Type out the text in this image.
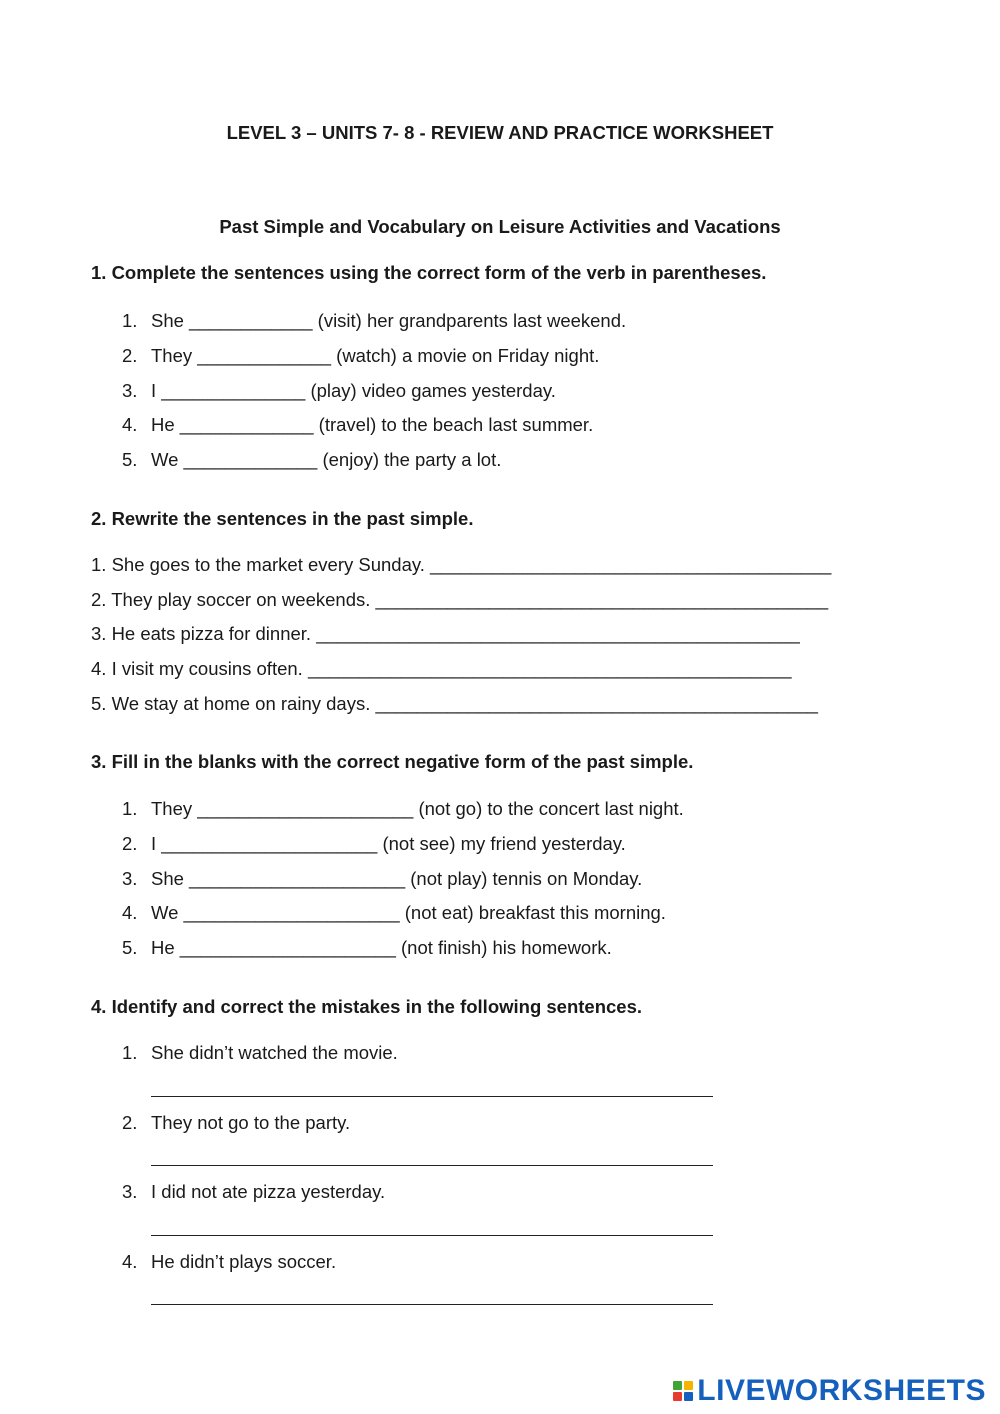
LEVEL 3 – UNITS 7- 8 - REVIEW AND PRACTICE WORKSHEET
Past Simple and Vocabulary on Leisure Activities and Vacations
1. Complete the sentences using the correct form of the verb in parentheses.
1. She ____________ (visit) her grandparents last weekend.
2. They _____________ (watch) a movie on Friday night.
3. I ______________ (play) video games yesterday.
4. He _____________ (travel) to the beach last summer.
5. We _____________ (enjoy) the party a lot.
2. Rewrite the sentences in the past simple.
1. She goes to the market every Sunday. _______________________________________
2. They play soccer on weekends. ____________________________________________
3. He eats pizza for dinner. _______________________________________________
4. I visit my cousins often. _______________________________________________
5. We stay at home on rainy days. ___________________________________________
3. Fill in the blanks with the correct negative form of the past simple.
1. They _____________________ (not go) to the concert last night.
2. I _____________________ (not see) my friend yesterday.
3. She _____________________ (not play) tennis on Monday.
4. We _____________________ (not eat) breakfast this morning.
5. He _____________________ (not finish) his homework.
4. Identify and correct the mistakes in the following sentences.
1. She didn’t watched the movie.
2. They not go to the party.
3. I did not ate pizza yesterday.
4. He didn’t plays soccer.
LIVEWORKSHEETS
